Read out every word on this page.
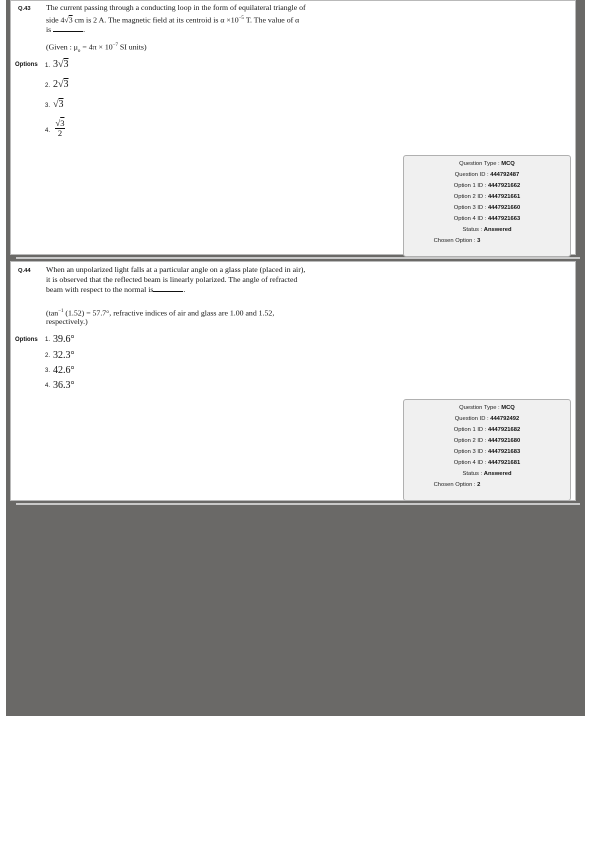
Q.43 The current passing through a conducting loop in the form of equilateral triangle of
side 4√3 cm is 2 A. The magnetic field at its centroid is $\alpha \times 10^{-5}$ T. The value of α
is	.
(Given : $\mu_o = 4\pi \times 10^{-7}$ SI units)
Options 1. 3√3
2. 2√3
3. √3
4.
√3
2
Question Type : MCQ
Question ID : 444792487
Option 1 ID : 4447921662
Option 2 ID : 4447921661
Option 3 ID : 4447921660
Option 4 ID : 4447921663
Status : Answered
Chosen Option : 3
Q.44 When an unpolarized light falls at a particular angle on a glass plate (placed in air),
it is observed that the reflected beam is linearly polarized. The angle of refracted
beam with respect to the normal is	.
($\tan^{-1}$ (1.52) = 57.7°, refractive indices of air and glass are 1.00 and 1.52,
respectively.)
Options 1. 39.6°
2. 32.3°
3. 42.6°
4. 36.3°
Question Type : MCQ
Question ID : 444792492
Option 1 ID : 4447921682
Option 2 ID : 4447921680
Option 3 ID : 4447921683
Option 4 ID : 4447921681
Status : Answered
Chosen Option : 2
